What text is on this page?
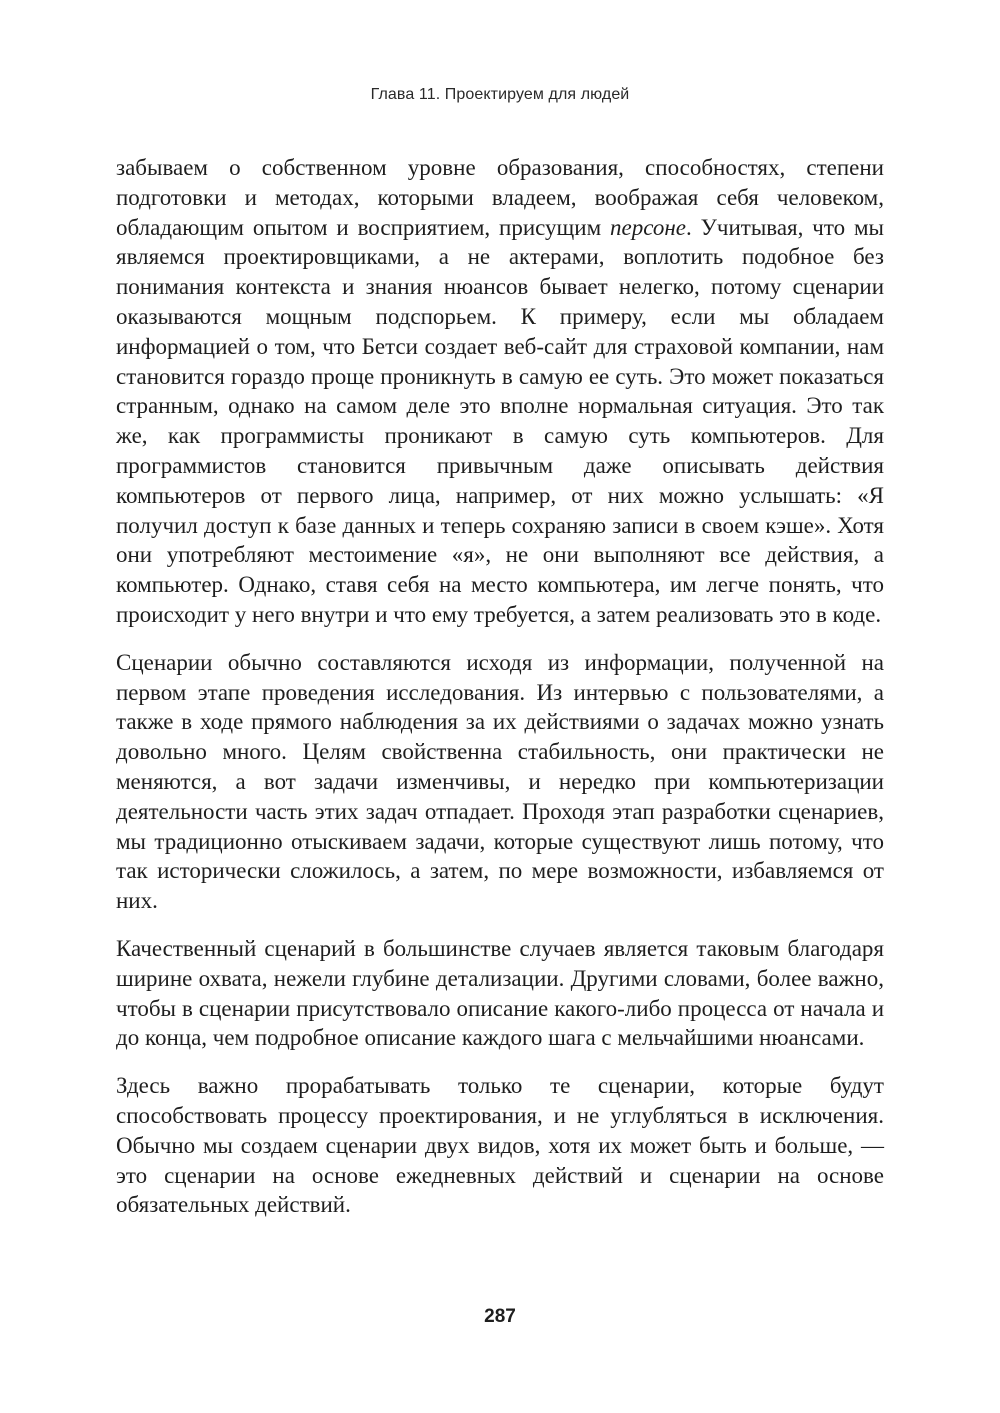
Глава 11. Проектируем для людей

забываем о собственном уровне образования, способностях, степени подготовки и методах, которыми владеем, воображая себя человеком, обладающим опытом и восприятием, присущим персоне. Учитывая, что мы являемся проектировщиками, а не актерами, воплотить подобное без понимания контекста и знания нюансов бывает нелегко, потому сценарии оказываются мощным подспорьем. К примеру, если мы обладаем информацией о том, что Бетси создает веб-сайт для страховой компании, нам становится гораздо проще проникнуть в самую ее суть. Это может показаться странным, однако на самом деле это вполне нормальная ситуация. Это так же, как программисты проникают в самую суть компьютеров. Для программистов становится привычным даже описывать действия компьютеров от первого лица, например, от них можно услышать: «Я получил доступ к базе данных и теперь сохраняю записи в своем кэше». Хотя они употребляют местоимение «я», не они выполняют все действия, а компьютер. Однако, ставя себя на место компьютера, им легче понять, что происходит у него внутри и что ему требуется, а затем реализовать это в коде.

Сценарии обычно составляются исходя из информации, полученной на первом этапе проведения исследования. Из интервью с пользователями, а также в ходе прямого наблюдения за их действиями о задачах можно узнать довольно много. Целям свойственна стабильность, они практически не меняются, а вот задачи изменчивы, и нередко при компьютеризации деятельности часть этих задач отпадает. Проходя этап разработки сценариев, мы традиционно отыскиваем задачи, которые существуют лишь потому, что так исторически сложилось, а затем, по мере возможности, избавляемся от них.

Качественный сценарий в большинстве случаев является таковым благодаря ширине охвата, нежели глубине детализации. Другими словами, более важно, чтобы в сценарии присутствовало описание какого-либо процесса от начала и до конца, чем подробное описание каждого шага с мельчайшими нюансами.

Здесь важно прорабатывать только те сценарии, которые будут способствовать процессу проектирования, и не углубляться в исключения. Обычно мы создаем сценарии двух видов, хотя их может быть и больше, — это сценарии на основе ежедневных действий и сценарии на основе обязательных действий.

287
